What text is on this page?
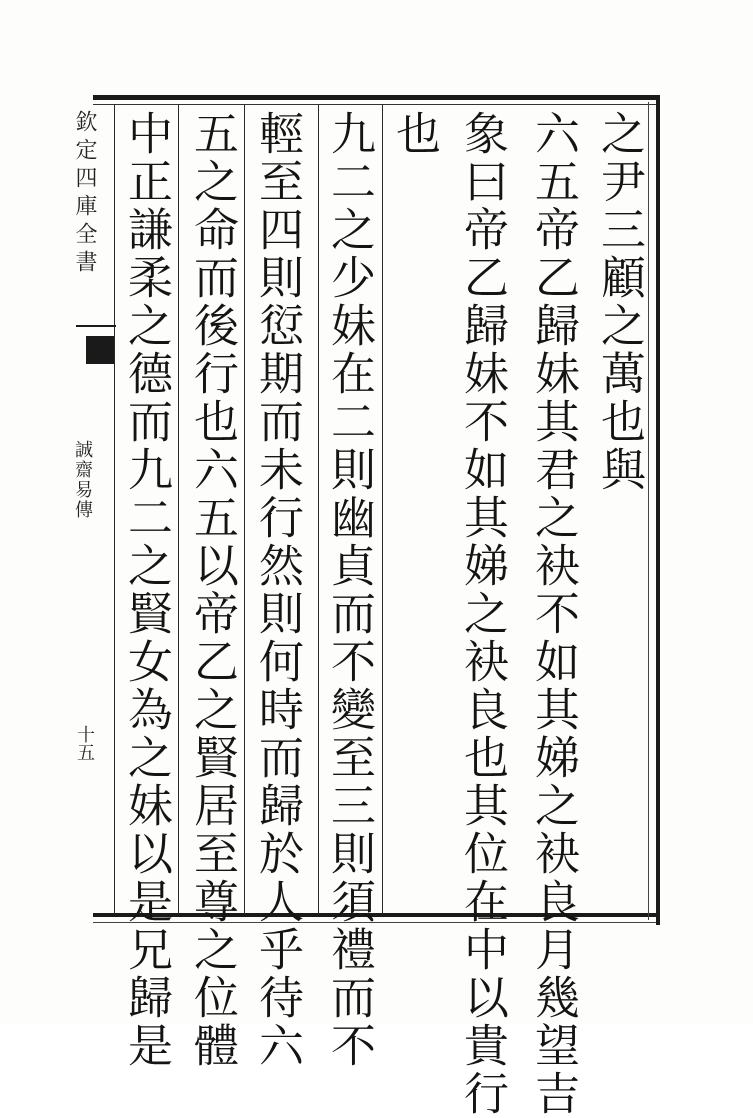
欽定四庫全書
誠齋易傳
十五
之尹三顧之萬也與
六五帝乙歸妹其君之袂不如其娣之袂良月幾望吉
象曰帝乙歸妹不如其娣之袂良也其位在中以貴行
也
九二之少妹在二則幽貞而不變至三則須禮而不
輕至四則愆期而未行然則何時而歸於人乎待六
五之命而後行也六五以帝乙之賢居至尊之位體
中正謙柔之德而九二之賢女為之妹以是兄歸是
